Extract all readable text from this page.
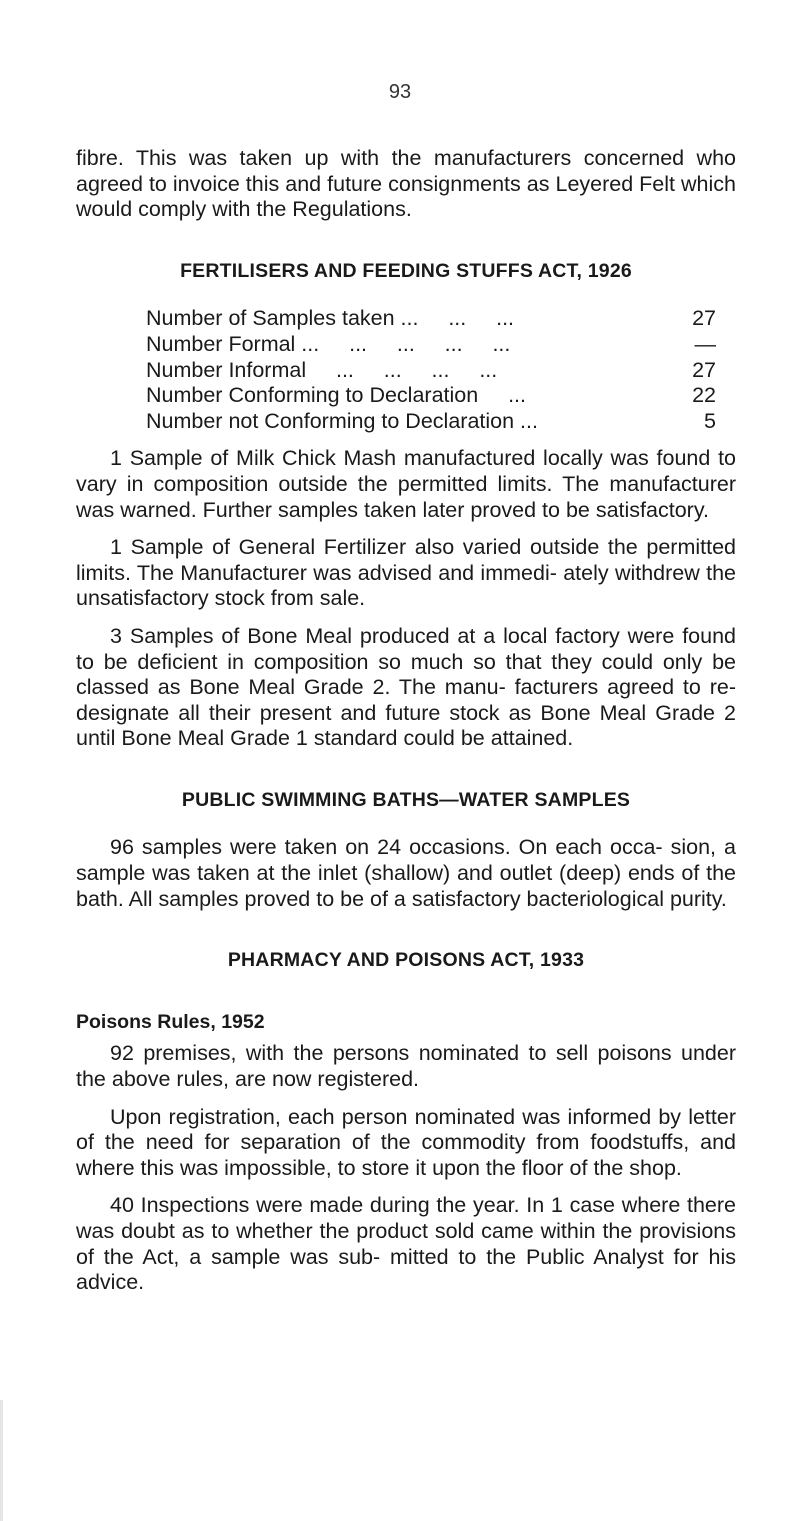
93

fibre. This was taken up with the manufacturers concerned who agreed to invoice this and future consignments as Leyered Felt which would comply with the Regulations.

FERTILISERS AND FEEDING STUFFS ACT, 1926
Number of Samples taken ...     ...     ...	27
Number Formal ...     ...     ...     ...     ...	—
Number Informal     ...     ...     ...     ...	27
Number Conforming to Declaration     ...	22
Number not Conforming to Declaration ...	5

1 Sample of Milk Chick Mash manufactured locally was found to vary in composition outside the permitted limits. The manufacturer was warned. Further samples taken later proved to be satisfactory.

1 Sample of General Fertilizer also varied outside the permitted limits. The Manufacturer was advised and immedi- ately withdrew the unsatisfactory stock from sale.

3 Samples of Bone Meal produced at a local factory were found to be deficient in composition so much so that they could only be classed as Bone Meal Grade 2. The manu- facturers agreed to re-designate all their present and future stock as Bone Meal Grade 2 until Bone Meal Grade 1 standard could be attained.

PUBLIC SWIMMING BATHS—WATER SAMPLES

96 samples were taken on 24 occasions. On each occa- sion, a sample was taken at the inlet (shallow) and outlet (deep) ends of the bath. All samples proved to be of a satisfactory bacteriological purity.

PHARMACY AND POISONS ACT, 1933
Poisons Rules, 1952

92 premises, with the persons nominated to sell poisons under the above rules, are now registered.

Upon registration, each person nominated was informed by letter of the need for separation of the commodity from foodstuffs, and where this was impossible, to store it upon the floor of the shop.

40 Inspections were made during the year. In 1 case where there was doubt as to whether the product sold came within the provisions of the Act, a sample was sub- mitted to the Public Analyst for his advice.
